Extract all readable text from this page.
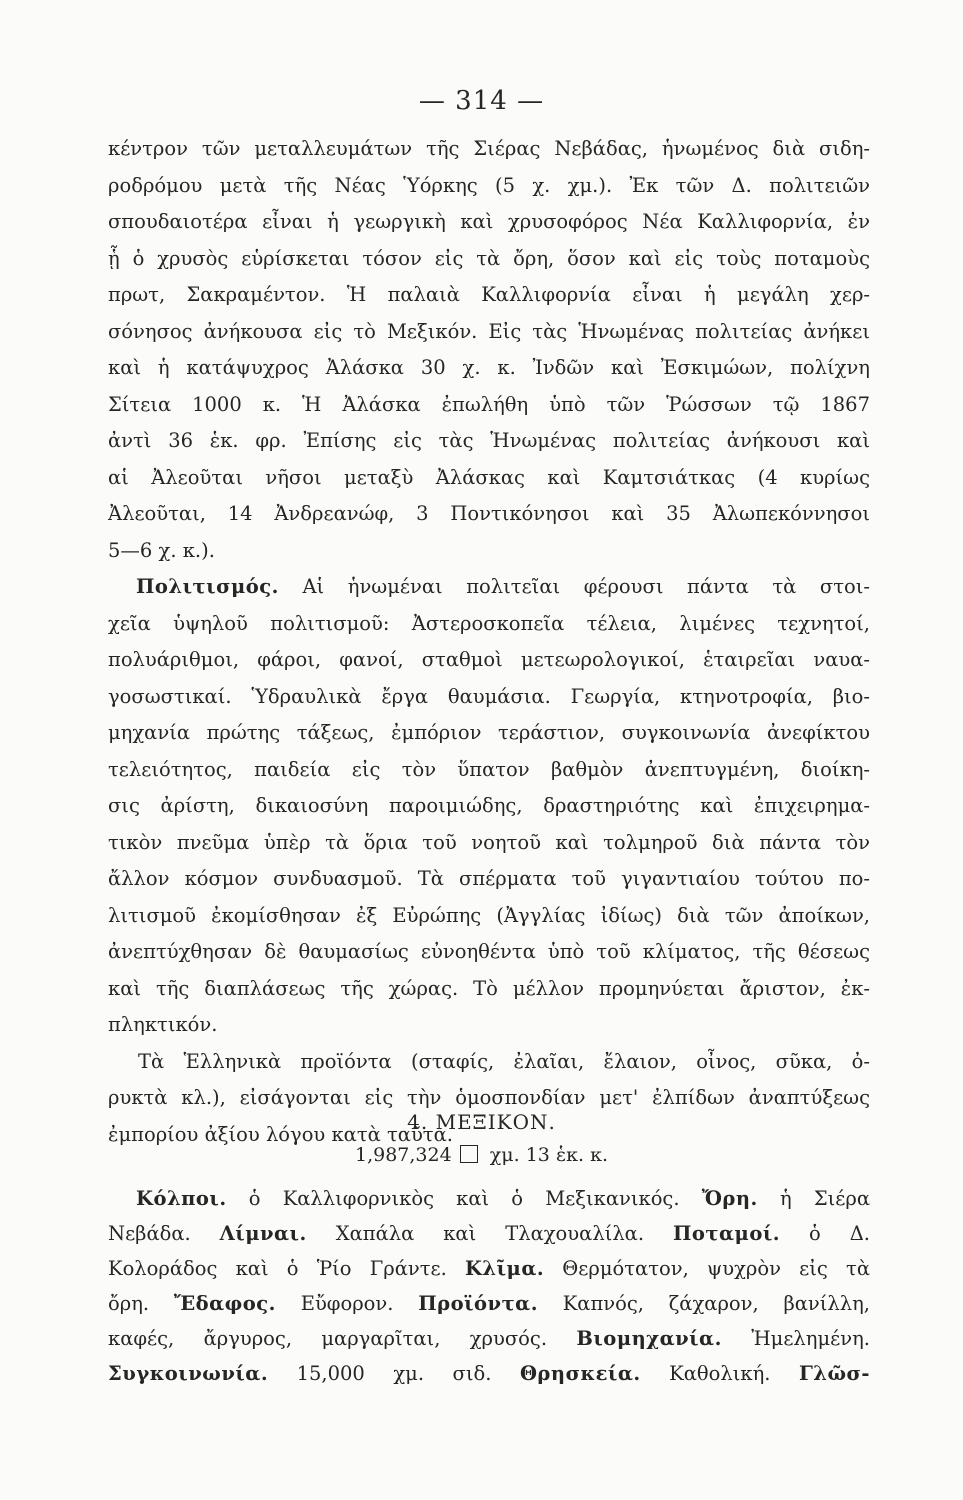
— 314 —
κέντρον τῶν μεταλλευμάτων τῆς Σιέρας Νεβάδας, ἡνωμένος διὰ σιδη-
ροδρόμου μετὰ τῆς Νέας Ὑόρκης (5 χ. χμ.). Ἐκ τῶν Δ. πολιτειῶν
σπουδαιοτέρα εἶναι ἡ γεωργικὴ καὶ χρυσοφόρος Νέα Καλλιφορνία, ἐν
ᾗ ὁ χρυσὸς εὑρίσκεται τόσον εἰς τὰ ὄρη, ὅσον καὶ εἰς τοὺς ποταμοὺς
πρωτ, Σακραμέντον. Ἡ παλαιὰ Καλλιφορνία εἶναι ἡ μεγάλη χερ-
σόνησος ἀνήκουσα εἰς τὸ Μεξικόν. Εἰς τὰς Ἡνωμένας πολιτείας ἀνήκει
καὶ ἡ κατάψυχρος Ἀλάσκα 30 χ. κ. Ἰνδῶν καὶ Ἐσκιμώων, πολίχνη
Σίτεια 1000 κ. Ἡ Ἀλάσκα ἐπωλήθη ὑπὸ τῶν Ῥώσσων τῷ 1867
ἀντὶ 36 ἑκ. φρ. Ἐπίσης εἰς τὰς Ἡνωμένας πολιτείας ἀνήκουσι καὶ
αἱ Ἀλεοῦται νῆσοι μεταξὺ Ἀλάσκας καὶ Καμτσιάτκας (4 κυρίως
Ἀλεοῦται, 14 Ἀνδρεανώφ, 3 Ποντικόνησοι καὶ 35 Ἀλωπεκόννησοι
5—6 χ. κ.).
Πολιτισμός. Αἱ ἡνωμέναι πολιτεῖαι φέρουσι πάντα τὰ στοι-
χεῖα ὑψηλοῦ πολιτισμοῦ: Ἀστεροσκοπεῖα τέλεια, λιμένες τεχνητοί,
πολυάριθμοι, φάροι, φανοί, σταθμοὶ μετεωρολογικοί, ἑταιρεῖαι ναυα-
γοσωστικαί. Ὑδραυλικὰ ἔργα θαυμάσια. Γεωργία, κτηνοτροφία, βιο-
μηχανία πρώτης τάξεως, ἐμπόριον τεράστιον, συγκοινωνία ἀνεφίκτου
τελειότητος, παιδεία εἰς τὸν ὕπατον βαθμὸν ἀνεπτυγμένη, διοίκη-
σις ἀρίστη, δικαιοσύνη παροιμιώδης, δραστηριότης καὶ ἐπιχειρημα-
τικὸν πνεῦμα ὑπὲρ τὰ ὅρια τοῦ νοητοῦ καὶ τολμηροῦ διὰ πάντα τὸν
ἄλλον κόσμον συνδυασμοῦ. Τὰ σπέρματα τοῦ γιγαντιαίου τούτου πο-
λιτισμοῦ ἐκομίσθησαν ἐξ Εὐρώπης (Ἀγγλίας ἰδίως) διὰ τῶν ἀποίκων,
ἀνεπτύχθησαν δὲ θαυμασίως εὐνοηθέντα ὑπὸ τοῦ κλίματος, τῆς θέσεως
καὶ τῆς διαπλάσεως τῆς χώρας. Τὸ μέλλον προμηνύεται ἄριστον, ἐκ-
πληκτικόν.
Τὰ Ἑλληνικὰ προϊόντα (σταφίς, ἐλαῖαι, ἔλαιον, οἶνος, σῦκα, ὀ-
ρυκτὰ κλ.), εἰσάγονται εἰς τὴν ὁμοσπονδίαν μετ' ἐλπίδων ἀναπτύξεως
ἐμπορίου ἀξίου λόγου κατὰ ταῦτα.
4. ΜΕΞΙΚΟΝ.
1,987,324 χμ. 13 ἑκ. κ.
Κόλποι. ὁ Καλλιφορνικὸς καὶ ὁ Μεξικανικός. Ὄρη. ἡ Σιέρα
Νεβάδα. Λίμναι. Χαπάλα καὶ Τλαχουαλίλα. Ποταμοί. ὁ Δ.
Κολοράδος καὶ ὁ Ῥίο Γράντε. Κλῖμα. Θερμότατον, ψυχρὸν εἰς τὰ
ὄρη. Ἔδαφος. Εὔφορον. Προϊόντα. Καπνός, ζάχαρον, βανίλλη,
καφές, ἄργυρος, μαργαρῖται, χρυσός. Βιομηχανία. Ἠμελημένη.
Συγκοινωνία. 15,000 χμ. σιδ. Θρησκεία. Καθολική. Γλῶσ-
